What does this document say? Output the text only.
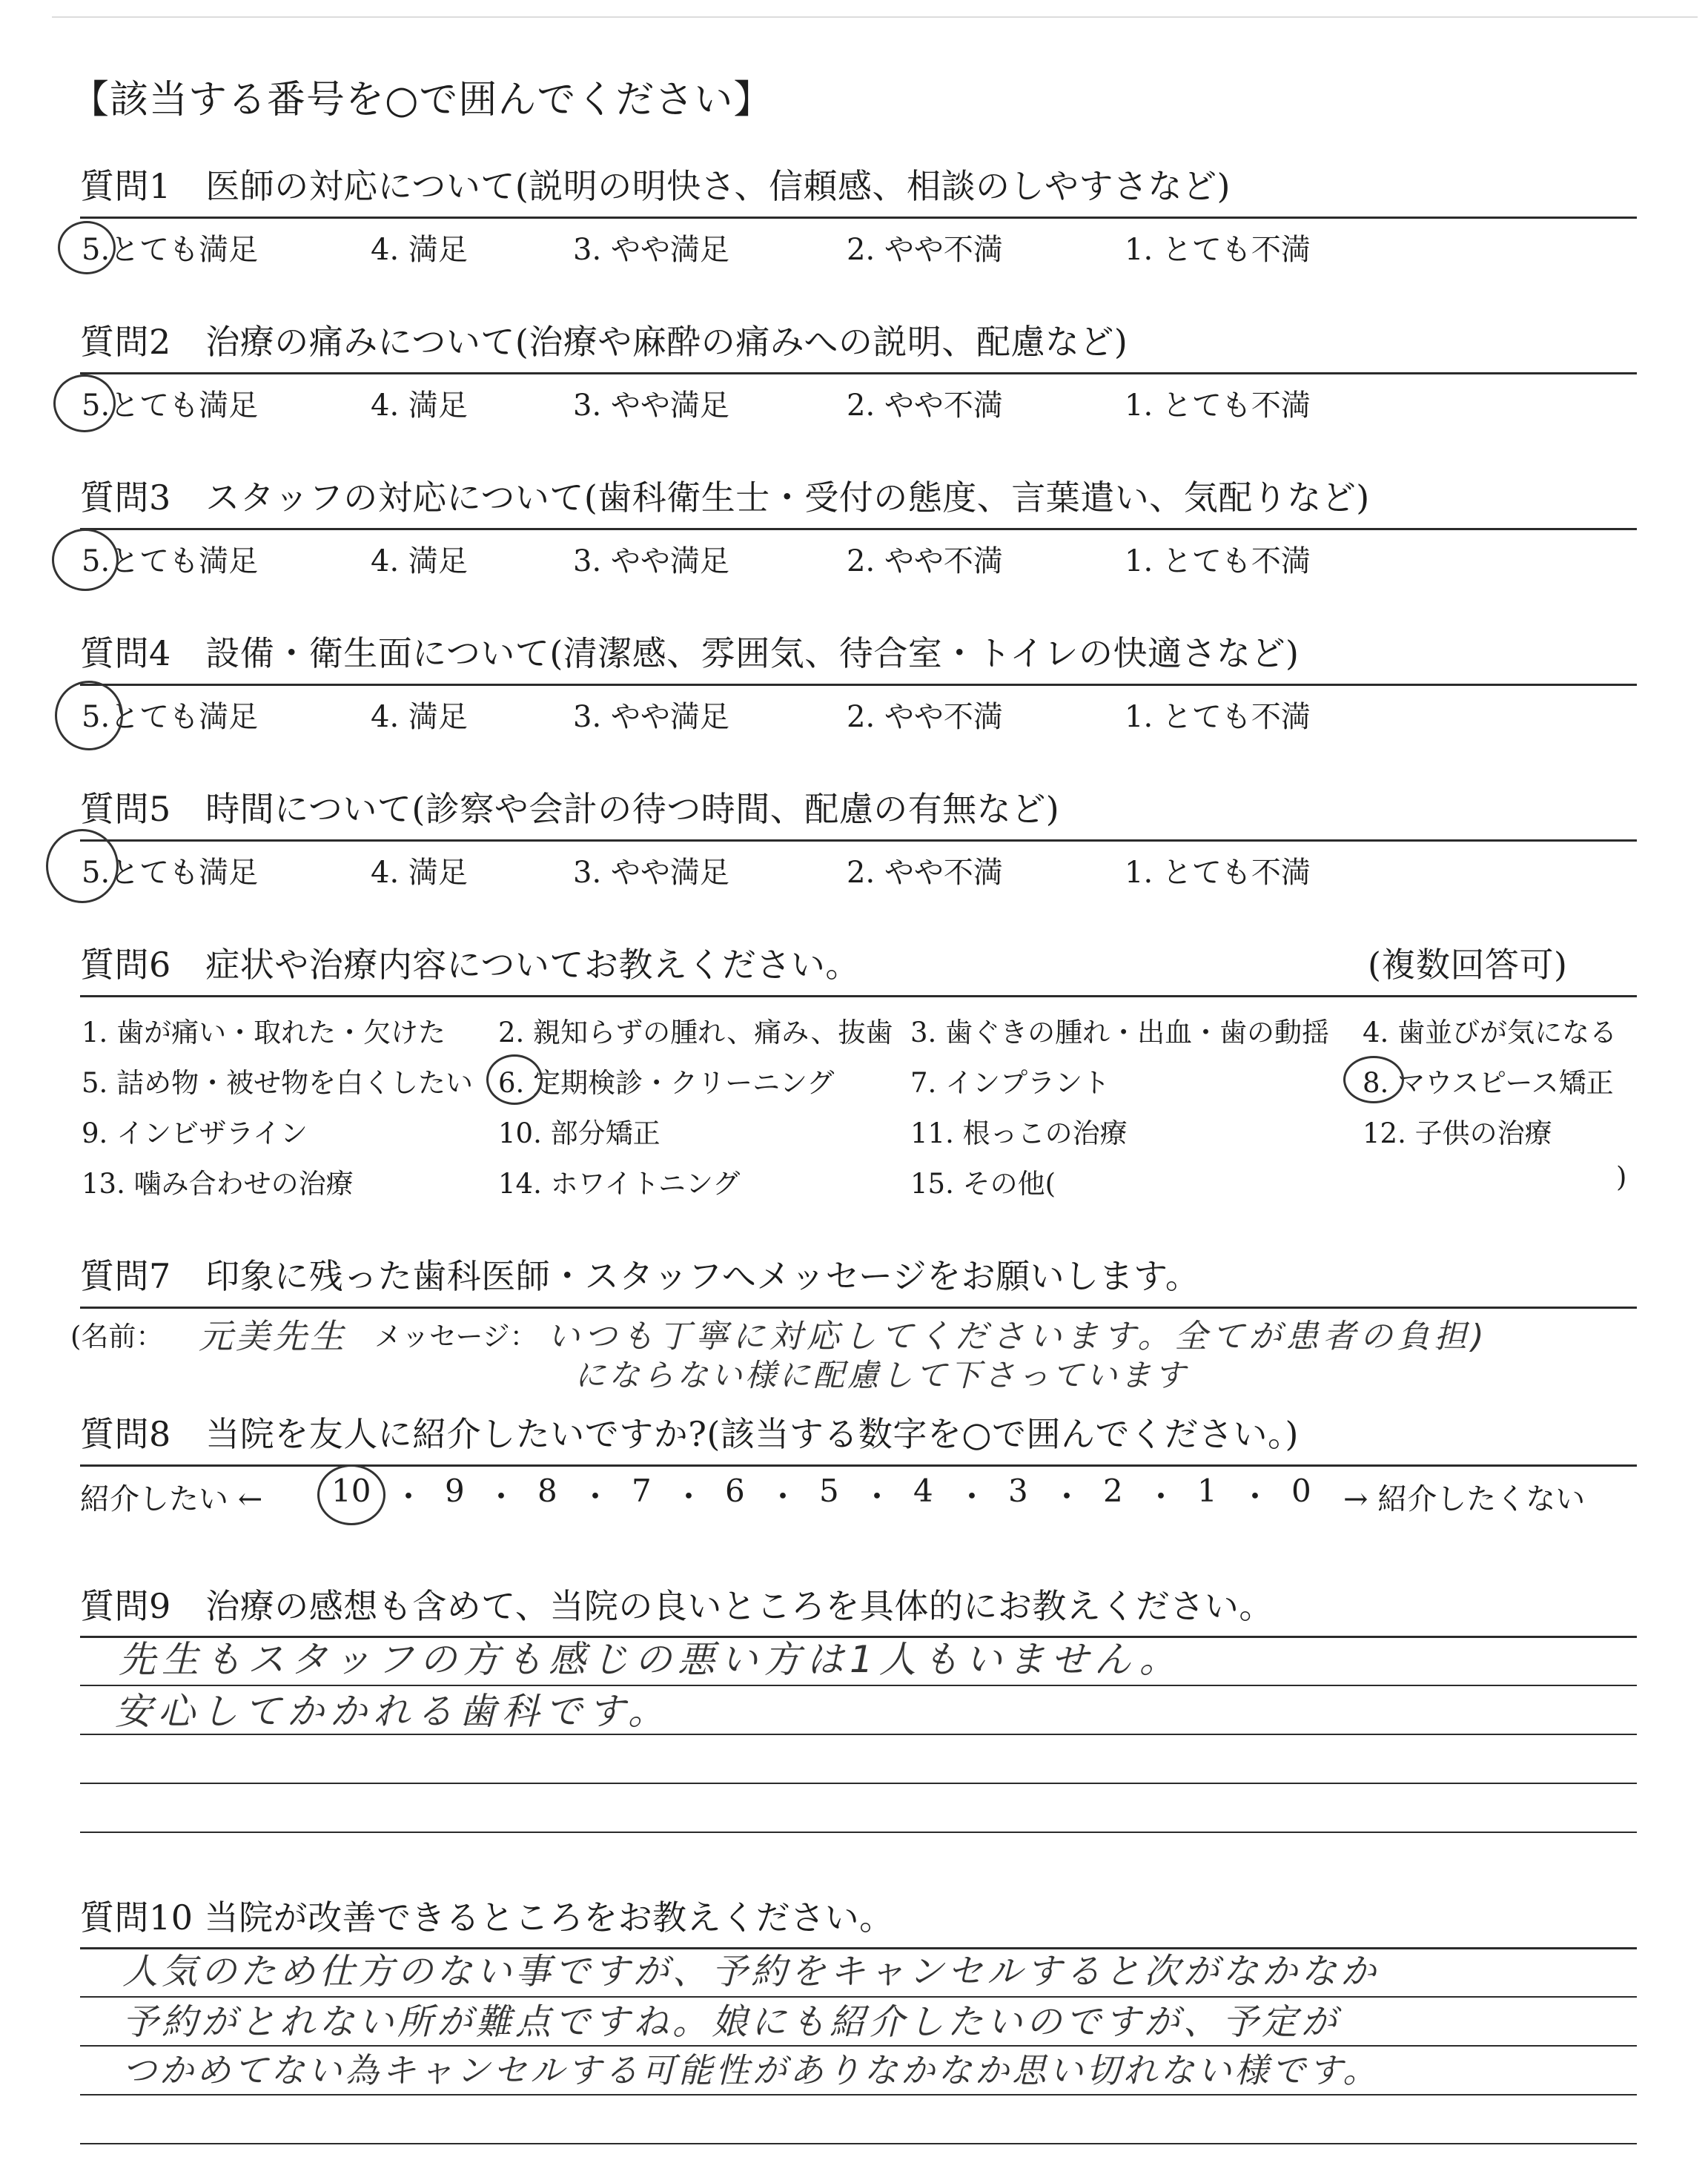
【該当する番号を○で囲んでください】
質問1　医師の対応について(説明の明快さ、信頼感、相談のしやすさなど)
5.とても満足	4. 満足	3. やや満足	2. やや不満	1. とても不満
質問2　治療の痛みについて(治療や麻酔の痛みへの説明、配慮など)
5.とても満足	4. 満足	3. やや満足	2. やや不満	1. とても不満
質問3　スタッフの対応について(歯科衛生士・受付の態度、言葉遣い、気配りなど)
5.とても満足	4. 満足	3. やや満足	2. やや不満	1. とても不満
質問4　設備・衛生面について(清潔感、雰囲気、待合室・トイレの快適さなど)
5.とても満足	4. 満足	3. やや満足	2. やや不満	1. とても不満
質問5　時間について(診察や会計の待つ時間、配慮の有無など)
5.とても満足	4. 満足	3. やや満足	2. やや不満	1. とても不満
質問6　症状や治療内容についてお教えください。	(複数回答可)
1. 歯が痛い・取れた・欠けた 2. 親知らずの腫れ、痛み、抜歯 3. 歯ぐきの腫れ・出血・歯の動揺 4. 歯並びが気になる
5. 詰め物・被せ物を白くしたい 6. 定期検診・クリーニング	7. インプラント	8. マウスピース矯正
9. インビザライン	10. 部分矯正	11. 根っこの治療	12. 子供の治療
13. 噛み合わせの治療	14. ホワイトニング	15. その他(	)
質問7　印象に残った歯科医師・スタッフへメッセージをお願いします。
(名前： 元美先生 メッセージ： いつも丁寧に対応してくださいます。全てが患者の負担)
にならない様に配慮して下さっています
質問8　当院を友人に紹介したいですか?(該当する数字を○で囲んでください。)
紹介したい ← 10 ・ 9 ・ 8 ・ 7 ・ 6 ・ 5 ・ 4 ・ 3 ・ 2 ・ 1 ・ 0 → 紹介したくない
質問9　治療の感想も含めて、当院の良いところを具体的にお教えください。
先生もスタッフの方も感じの悪い方は1人もいません。
安心してかかれる歯科です。
質問10 当院が改善できるところをお教えください。
人気のため仕方のない事ですが、予約をキャンセルすると次がなかなか
予約がとれない所が難点ですね。娘にも紹介したいのですが、予定が
つかめてない為キャンセルする可能性がありなかなか思い切れない様です。
